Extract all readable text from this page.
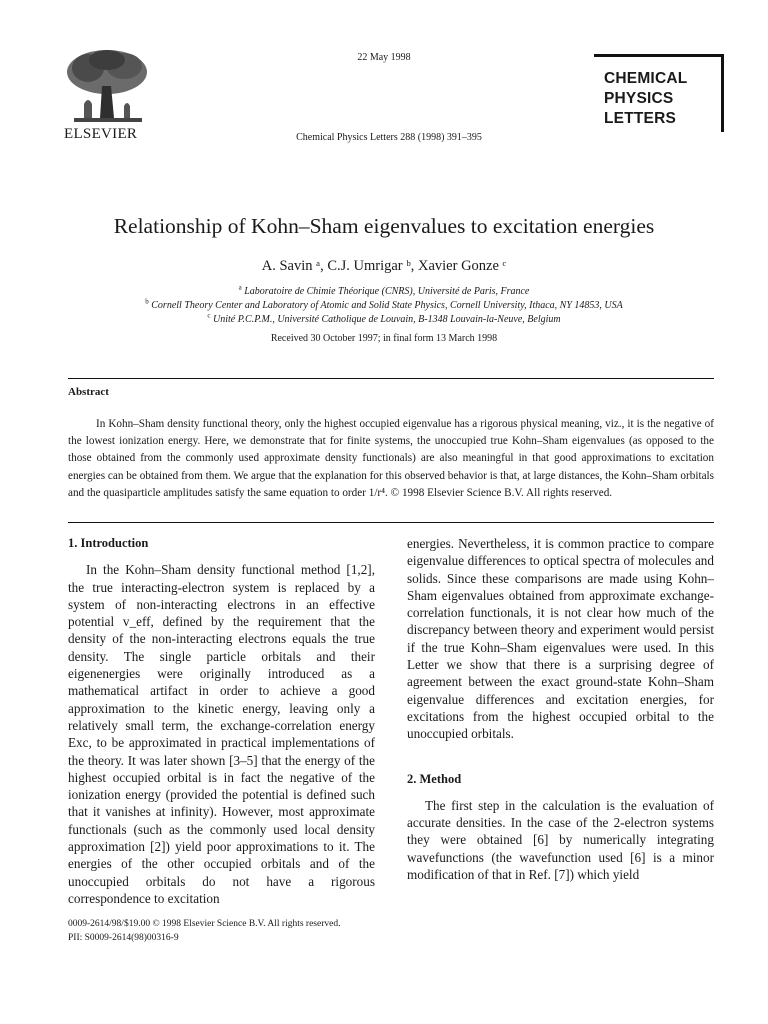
22 May 1998
ELSEVIER	Chemical Physics Letters 288 (1998) 391–395
CHEMICAL
PHYSICS
LETTERS
Relationship of Kohn–Sham eigenvalues to excitation energies
A. Savin ᵃ, C.J. Umrigar ᵇ, Xavier Gonze ᶜ
$^a$ Laboratoire de Chimie Théorique (CNRS), Université de Paris, France
$^b$ Cornell Theory Center and Laboratory of Atomic and Solid State Physics, Cornell University, Ithaca, NY 14853, USA
$^c$ Unité P.C.P.M., Université Catholique de Louvain, B-1348 Louvain-la-Neuve, Belgium
Received 30 October 1997; in final form 13 March 1998
Abstract

In Kohn–Sham density functional theory, only the highest occupied eigenvalue has a rigorous physical meaning, viz., it is the negative of the lowest ionization energy. Here, we demonstrate that for finite systems, the unoccupied true Kohn–Sham eigenvalues (as opposed to the those obtained from the commonly used approximate density functionals) are also meaningful in that good approximations to excitation energies can be obtained from them. We argue that the explanation for this observed behavior is that, at large distances, the Kohn–Sham orbitals and the quasiparticle amplitudes satisfy the same equation to order 1/r⁴. © 1998 Elsevier Science B.V. All rights reserved.

1. Introduction

In the Kohn–Sham density functional method [1,2], the true interacting-electron system is replaced by a system of non-interacting electrons in an effective potential v_eff, defined by the requirement that the density of the non-interacting electrons equals the true density. The single particle orbitals and their eigenenergies were originally introduced as a mathematical artifact in order to achieve a good approximation to the kinetic energy, leaving only a relatively small term, the exchange-correlation energy Exc, to be approximated in practical implementations of the theory. It was later shown [3–5] that the energy of the highest occupied orbital is in fact the negative of the ionization energy (provided the potential is defined such that it vanishes at infinity). However, most approximate functionals (such as the commonly used local density approximation [2]) yield poor approximations to it. The energies of the other occupied orbitals and of the unoccupied orbitals do not have a rigorous correspondence to excitation

energies. Nevertheless, it is common practice to compare eigenvalue differences to optical spectra of molecules and solids. Since these comparisons are made using Kohn–Sham eigenvalues obtained from approximate exchange-correlation functionals, it is not clear how much of the discrepancy between theory and experiment would persist if the true Kohn–Sham eigenvalues were used. In this Letter we show that there is a surprising degree of agreement between the exact ground-state Kohn–Sham eigenvalue differences and excitation energies, for excitations from the highest occupied orbital to the unoccupied orbitals.

2. Method

The first step in the calculation is the evaluation of accurate densities. In the case of the 2-electron systems they were obtained [6] by numerically integrating wavefunctions (the wavefunction used [6] is a minor modification of that in Ref. [7]) which yield

0009-2614/98/$19.00 © 1998 Elsevier Science B.V. All rights reserved.
PII: S0009-2614(98)00316-9
